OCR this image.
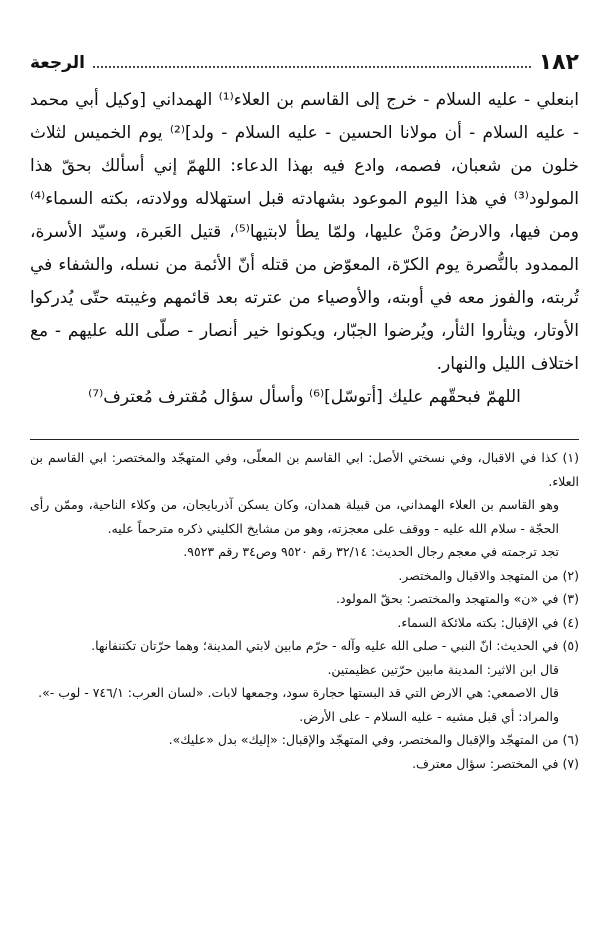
١٨٢
الرجعة

ابنعلي - عليه السلام - خرج إلى القاسم بن العلاء⁽¹⁾ الهمداني [وكيل أبي محمد - عليه السلام - أن مولانا الحسين - عليه السلام - ولد]⁽²⁾ يوم الخميس لثلاث خلون من شعبان، فصمه، وادع فيه بهذا الدعاء: اللهمّ إني أسألك بحقّ هذا المولود⁽³⁾ في هذا اليوم الموعود بشهادته قبل استهلاله وولادته، بكته السماء⁽⁴⁾ ومن فيها، والارضُ ومَنْ عليها، ولمّا يطأ لابتيها⁽⁵⁾، قتيل العَبرة، وسيّد الأسرة، الممدود بالنُّصرة يوم الكرّة، المعوّض من قتله أنّ الأئمة من نسله، والشفاء في تُربته، والفوز معه في أوبته، والأوصياء من عترته بعد قائمهم وغيبته حتّى يُدركوا الأوتار، ويثأروا الثأر، ويُرضوا الجبّار، ويكونوا خير أنصار - صلّى الله عليهم - مع اختلاف الليل والنهار.

اللهمّ فبحقّهم عليك [أتوسّل]⁽⁶⁾ وأسأل سؤال مُقترف مُعترف⁽⁷⁾

(١) كذا في الاقبال، وفي نسختي الأصل: ابي القاسم بن المعلّى، وفي المتهجّد والمختصر: ابي القاسم بن العلاء.

وهو القاسم بن العلاء الهمداني، من قبيلة همدان، وكان يسكن آذربايجان، من وكلاء الناحية، وممّن رأى الحجّة - سلام الله عليه - ووقف على معجزته، وهو من مشايخ الكليني ذكره مترحماً عليه.

تجد ترجمته في معجم رجال الحديث: ٣٢/١٤ رقم ٩٥٢٠ وص٣٤ رقم ٩٥٢٣.

(٢) من المتهجد والاقبال والمختصر.

(٣) في «ن» والمتهجد والمختصر: بحقّ المولود.

(٤) في الإقبال: بكته ملائكة السماء.

(٥) في الحديث: انّ النبي - صلى الله عليه وآله - حرّم مابين لابتي المدينة؛ وهما حرّتان تكتنفانها.

قال ابن الاثير: المدينة مابين حرّتين عظيمتين.

قال الاصمعي: هي الارض التي قد البستها حجارة سود، وجمعها لابات. «لسان العرب: ٧٤٦/١ - لوب -».

والمراد: أي قبل مشيه - عليه السلام - على الأرض.

(٦) من المتهجّد والإقبال والمختصر، وفي المتهجّد والإقبال: «إليك» بدل «عليك».

(٧) في المختصر: سؤال معترف.
